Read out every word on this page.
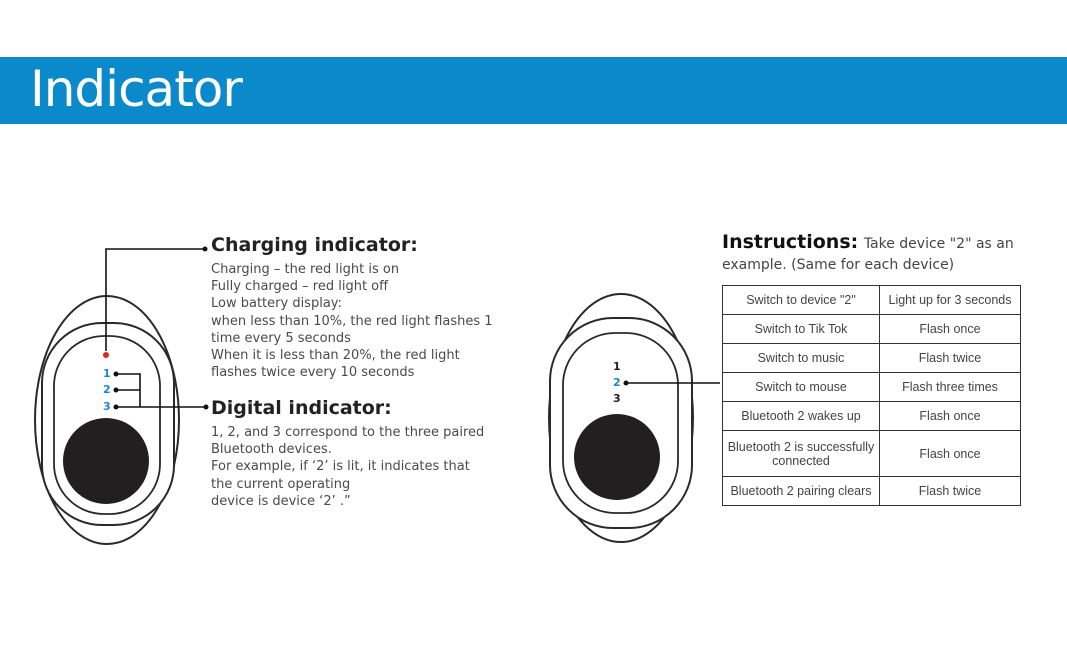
Indicator
1
2
3
1
2
3
Charging indicator:
Charging – the red light is on
Fully charged – red light off
Low battery display:
when less than 10%, the red light flashes 1
time every 5 seconds
When it is less than 20%, the red light
flashes twice every 10 seconds
Digital indicator:
1, 2, and 3 correspond to the three paired
Bluetooth devices.
For example, if ‘2’ is lit, it indicates that
the current operating
device is device ‘2’ .”
Instructions: Take device "2" as an
example. (Same for each device)
Switch to device "2"	Light up for 3 seconds
Switch to Tik Tok	Flash once
Switch to music	Flash twice
Switch to mouse	Flash three times
Bluetooth 2 wakes up	Flash once
Bluetooth 2 is successfully connected	Flash once
Bluetooth 2 pairing clears	Flash twice
